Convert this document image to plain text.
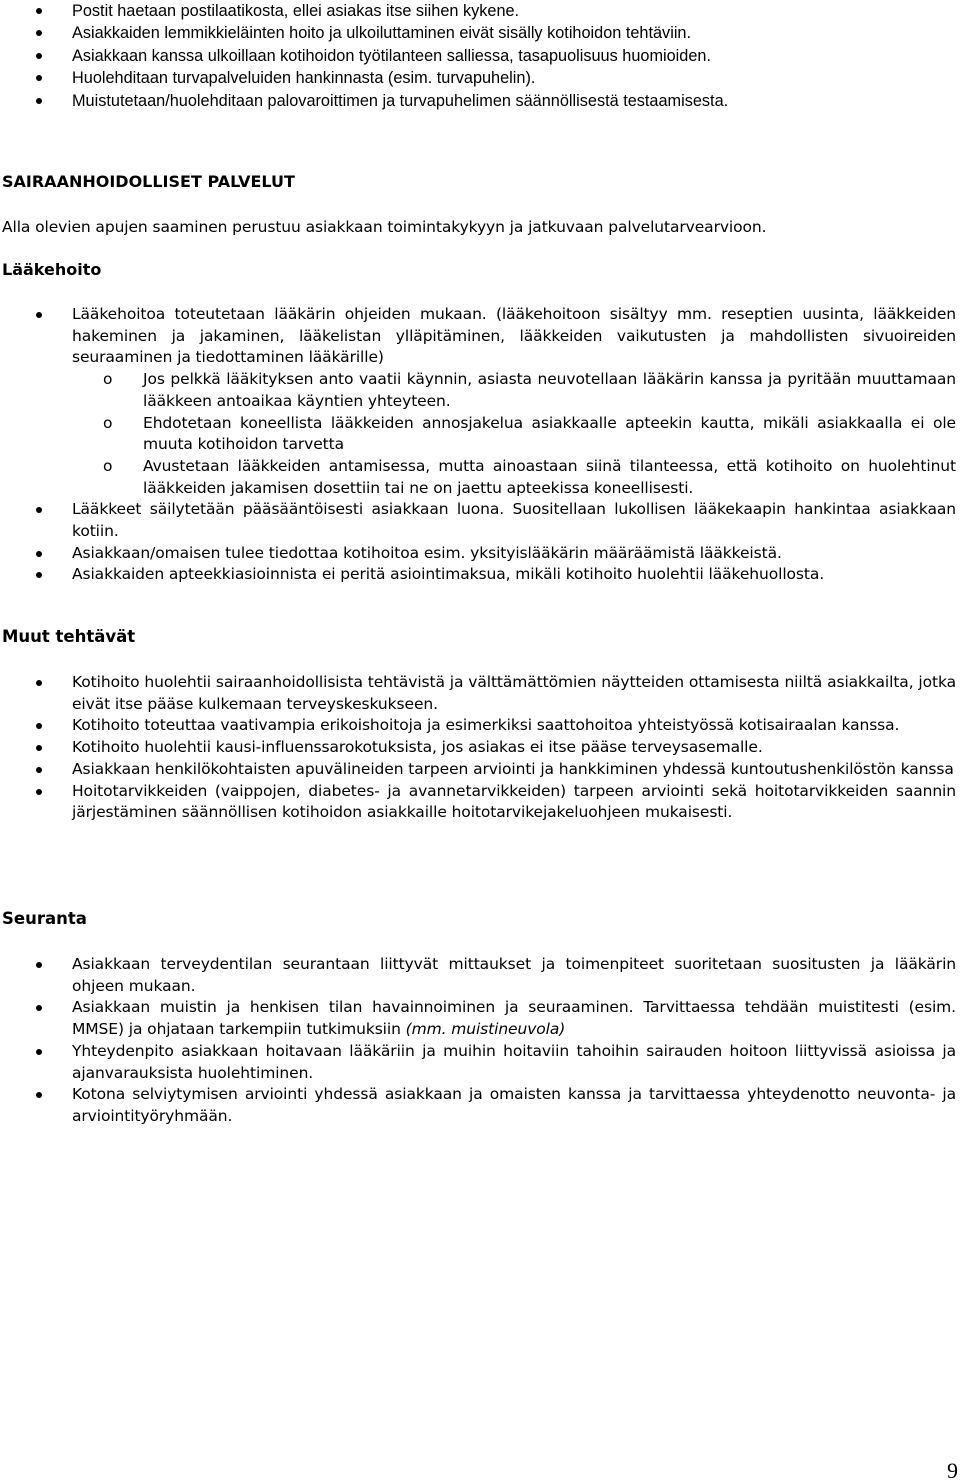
Postit haetaan postilaatikosta, ellei asiakas itse siihen kykene.
Asiakkaiden lemmikkieläinten hoito ja ulkoiluttaminen eivät sisälly kotihoidon tehtäviin.
Asiakkaan kanssa ulkoillaan kotihoidon työtilanteen salliessa, tasapuolisuus huomioiden.
Huolehditaan turvapalveluiden hankinnasta (esim. turvapuhelin).
Muistutetaan/huolehditaan palovaroittimen ja turvapuhelimen säännöllisestä testaamisesta.
SAIRAANHOIDOLLISET PALVELUT
Alla olevien apujen saaminen perustuu asiakkaan toimintakykyyn ja jatkuvaan palvelutarvearvioon.
Lääkehoito
Lääkehoitoa toteutetaan lääkärin ohjeiden mukaan. (lääkehoitoon sisältyy mm. reseptien uusinta, lääkkeiden hakeminen ja jakaminen, lääkelistan ylläpitäminen, lääkkeiden vaikutusten ja mahdollisten sivuoireiden seuraaminen ja tiedottaminen lääkärille)
o Jos pelkkä lääkityksen anto vaatii käynnin, asiasta neuvotellaan lääkärin kanssa ja pyritään muuttamaan lääkkeen antoaikaa käyntien yhteyteen.
o Ehdotetaan koneellista lääkkeiden annosjakelua asiakkaalle apteekin kautta, mikäli asiakkaalla ei ole muuta kotihoidon tarvetta
o Avustetaan lääkkeiden antamisessa, mutta ainoastaan siinä tilanteessa, että kotihoito on huolehtinut lääkkeiden jakamisen dosettiin tai ne on jaettu apteekissa koneellisesti.
Lääkkeet säilytetään pääsääntöisesti asiakkaan luona. Suositellaan lukollisen lääkekaapin hankintaa asiakkaan kotiin.
Asiakkaan/omaisen tulee tiedottaa kotihoitoa esim. yksityislääkärin määräämistä lääkkeistä.
Asiakkaiden apteekkiasioinnista ei peritä asiointimaksua, mikäli kotihoito huolehtii lääkehuollosta.
Muut tehtävät
Kotihoito huolehtii sairaanhoidollisista tehtävistä ja välttämättömien näytteiden ottamisesta niiltä asiakkailta, jotka eivät itse pääse kulkemaan terveyskeskukseen.
Kotihoito toteuttaa vaativampia erikoishoitoja ja esimerkiksi saattohoitoa yhteistyössä kotisairaalan kanssa.
Kotihoito huolehtii kausi-influenssarokotuksista, jos asiakas ei itse pääse terveysasemalle.
Asiakkaan henkilökohtaisten apuvälineiden tarpeen arviointi ja hankkiminen yhdessä kuntoutushenkilöstön kanssa
Hoitotarvikkeiden (vaippojen, diabetes- ja avannetarvikkeiden) tarpeen arviointi sekä hoitotarvikkeiden saannin järjestäminen säännöllisen kotihoidon asiakkaille hoitotarvikejakeluohjeen mukaisesti.
Seuranta
Asiakkaan terveydentilan seurantaan liittyvät mittaukset ja toimenpiteet suoritetaan suositusten ja lääkärin ohjeen mukaan.
Asiakkaan muistin ja henkisen tilan havainnoiminen ja seuraaminen. Tarvittaessa tehdään muistitesti (esim. MMSE) ja ohjataan tarkempiin tutkimuksiin (mm. muistineuvola)
Yhteydenpito asiakkaan hoitavaan lääkäriin ja muihin hoitaviin tahoihin sairauden hoitoon liittyvissä asioissa ja ajanvarauksista huolehtiminen.
Kotona selviytymisen arviointi yhdessä asiakkaan ja omaisten kanssa ja tarvittaessa yhteydenotto neuvonta- ja arviointityöryhmään.
9
